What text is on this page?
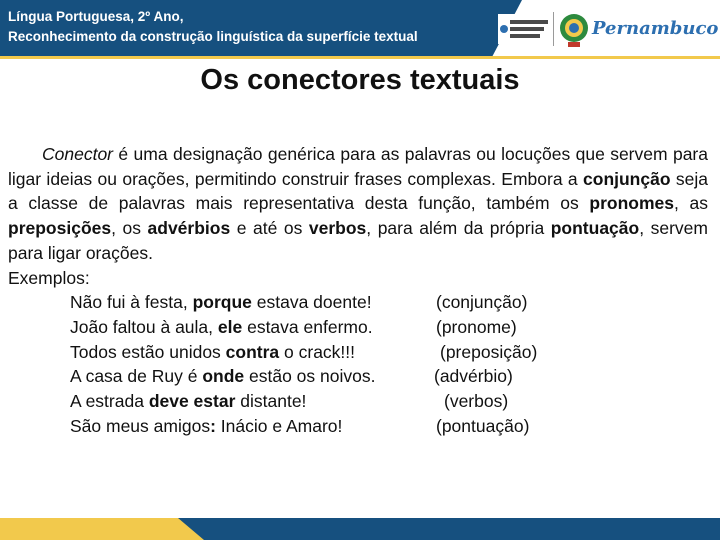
Língua Portuguesa, 2º Ano,
Reconhecimento da construção linguística da superfície textual	Pernambuco
Os conectores textuais

Conector é uma designação genérica para as palavras ou locuções que servem para ligar ideias ou orações, permitindo construir frases complexas. Embora a conjunção seja a classe de palavras mais representativa desta função, também os pronomes, as preposições, os advérbios e até os verbos, para além da própria pontuação, servem para ligar orações.

Exemplos:

Não fui à festa, porque estava doente!	(conjunção)
João faltou à aula, ele estava enfermo.	(pronome)
Todos estão unidos contra o crack!!!	(preposição)
A casa de Ruy é onde estão os noivos.	(advérbio)
A estrada deve estar distante!	(verbos)
São meus amigos: Inácio e Amaro!	(pontuação)
